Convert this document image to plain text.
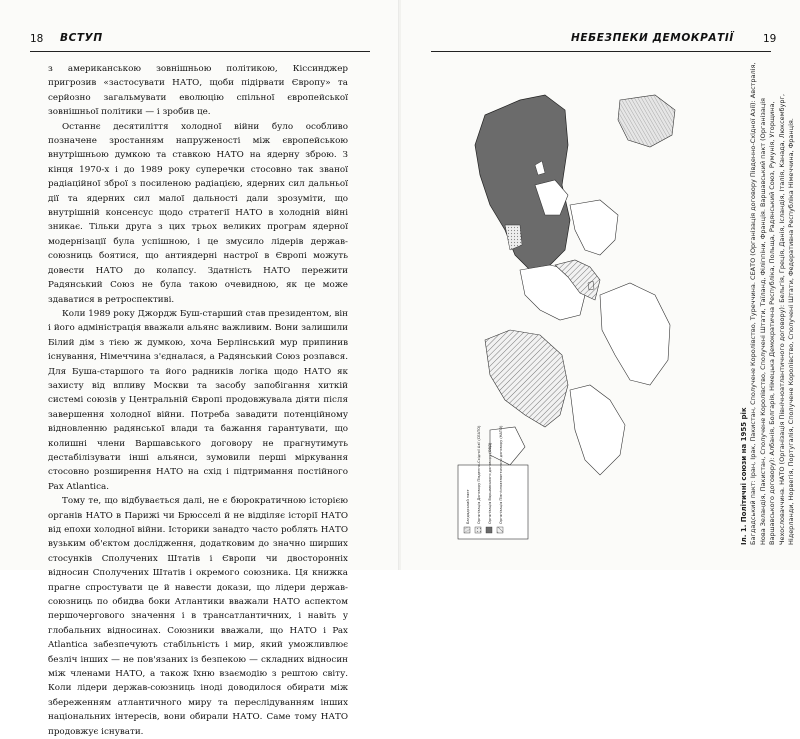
18 ВСТУП

з американською зовнішньою політикою, Кіссинджер пригрозив «застосувати НАТО, щоби підірвати Європу» та серйозно загальмувати еволюцію спільної європейської зовнішньої політики — і зробив це.

Останнє десятиліття холодної війни було особливо позначене зростанням напруженості між європейською внутрішньою думкою та ставкою НАТО на ядерну зброю. З кінця 1970-х і до 1989 року суперечки стосовно так званої радіаційної зброї з посиленою радіацією, ядерних сил дальньої дії та ядерних сил малої дальності дали зрозуміти, що внутрішній консенсус щодо стратегії НАТО в холодній війні зникає. Тільки друга з цих трьох великих програм ядерної модернізації була успішною, і це змусило лідерів держав-союзниць боятися, що антиядерні настрої в Європі можуть довести НАТО до колапсу. Здатність НАТО пережити Радянський Союз не була такою очевидною, як це може здаватися в ретроспективі.

Коли 1989 року Джордж Буш-старший став президентом, він і його адміністрація вважали альянс важливим. Вони залишили Білий дім з тією ж думкою, хоча Берлінський мур припинив існування, Німеччина з'єдналася, а Радянський Союз розпався. Для Буша-старшого та його радників логіка щодо НАТО як захисту від впливу Москви та засобу запобігання хиткій системі союзів у Центральній Європі продовжувала діяти після завершення холодної війни. Потреба завадити потенційному відновленню радянської влади та бажання гарантувати, що колишні члени Варшавського договору не прагнутимуть дестабілізувати інші альянси, зумовили перші міркування стосовно розширення НАТО на схід і підтримання постійного Pax Atlantica.

Тому те, що відбувається далі, не є бюрократичною історією органів НАТО в Парижі чи Брюсселі й не відділяє історії НАТО від епохи холодної війни. Історики занадто часто роблять НАТО вузьким об'єктом дослідження, додатковим до значно ширших стосунків Сполучених Штатів і Європи чи двосторонніх відносин Сполучених Штатів і окремого союзника. Ця книжка прагне спростувати це й навести докази, що лідери держав-союзниць по обидва боки Атлантики вважали НАТО аспектом першочергового значення і в трансатлантичних, і навіть у глобальних відносинах. Союзники вважали, що НАТО і Pax Atlantica забезпечують стабільність і мир, який уможливлює безліч інших — не пов'язаних із безпекою — складних відносин між членами НАТО, а також їхню взаємодію з рештою світу. Коли лідери держав-союзниць іноді доводилося обирати між збереженням атлантичного миру та переслідуванням інших національних інтересів, вони обирали НАТО. Саме тому НАТО продовжує існувати.

НЕБЕЗПЕКИ ДЕМОКРАТІЇ	19
Багдадський пакт Організація Договору Південно-Східної Азії (СЕАТО) Організація Варшавського договору (ОВД) Організація Північноатлантичного договору (НАТО)	Іл. 1. Політичні союзи на 1955 рік
Багдадський пакт: Іран, Ірак, Пакистан, Сполучене Королівство, Туреччина. СЕАТО (Організація договору Південно-Східної Азії): Австралія, Нова Зеландія, Пакистан, Сполучене Королівство, Сполучені Штати, Таїланд, Філіппіни, Франція. Варшавський пакт (Організація Варшавського договору): Албанія, Болгарія, Німецька Демократична Республіка, Польща, Радянський Союз, Румунія, Угорщина, Чехословаччина. НАТО (Організація Північноатлантичного договору): Бельгія, Греція, Данія, Ісландія, Італія, Канада, Люксембург, Нідерланди, Норвегія, Португалія, Сполучене Королівство, Сполучені Штати, Федеративна Республіка Німеччина, Франція.
